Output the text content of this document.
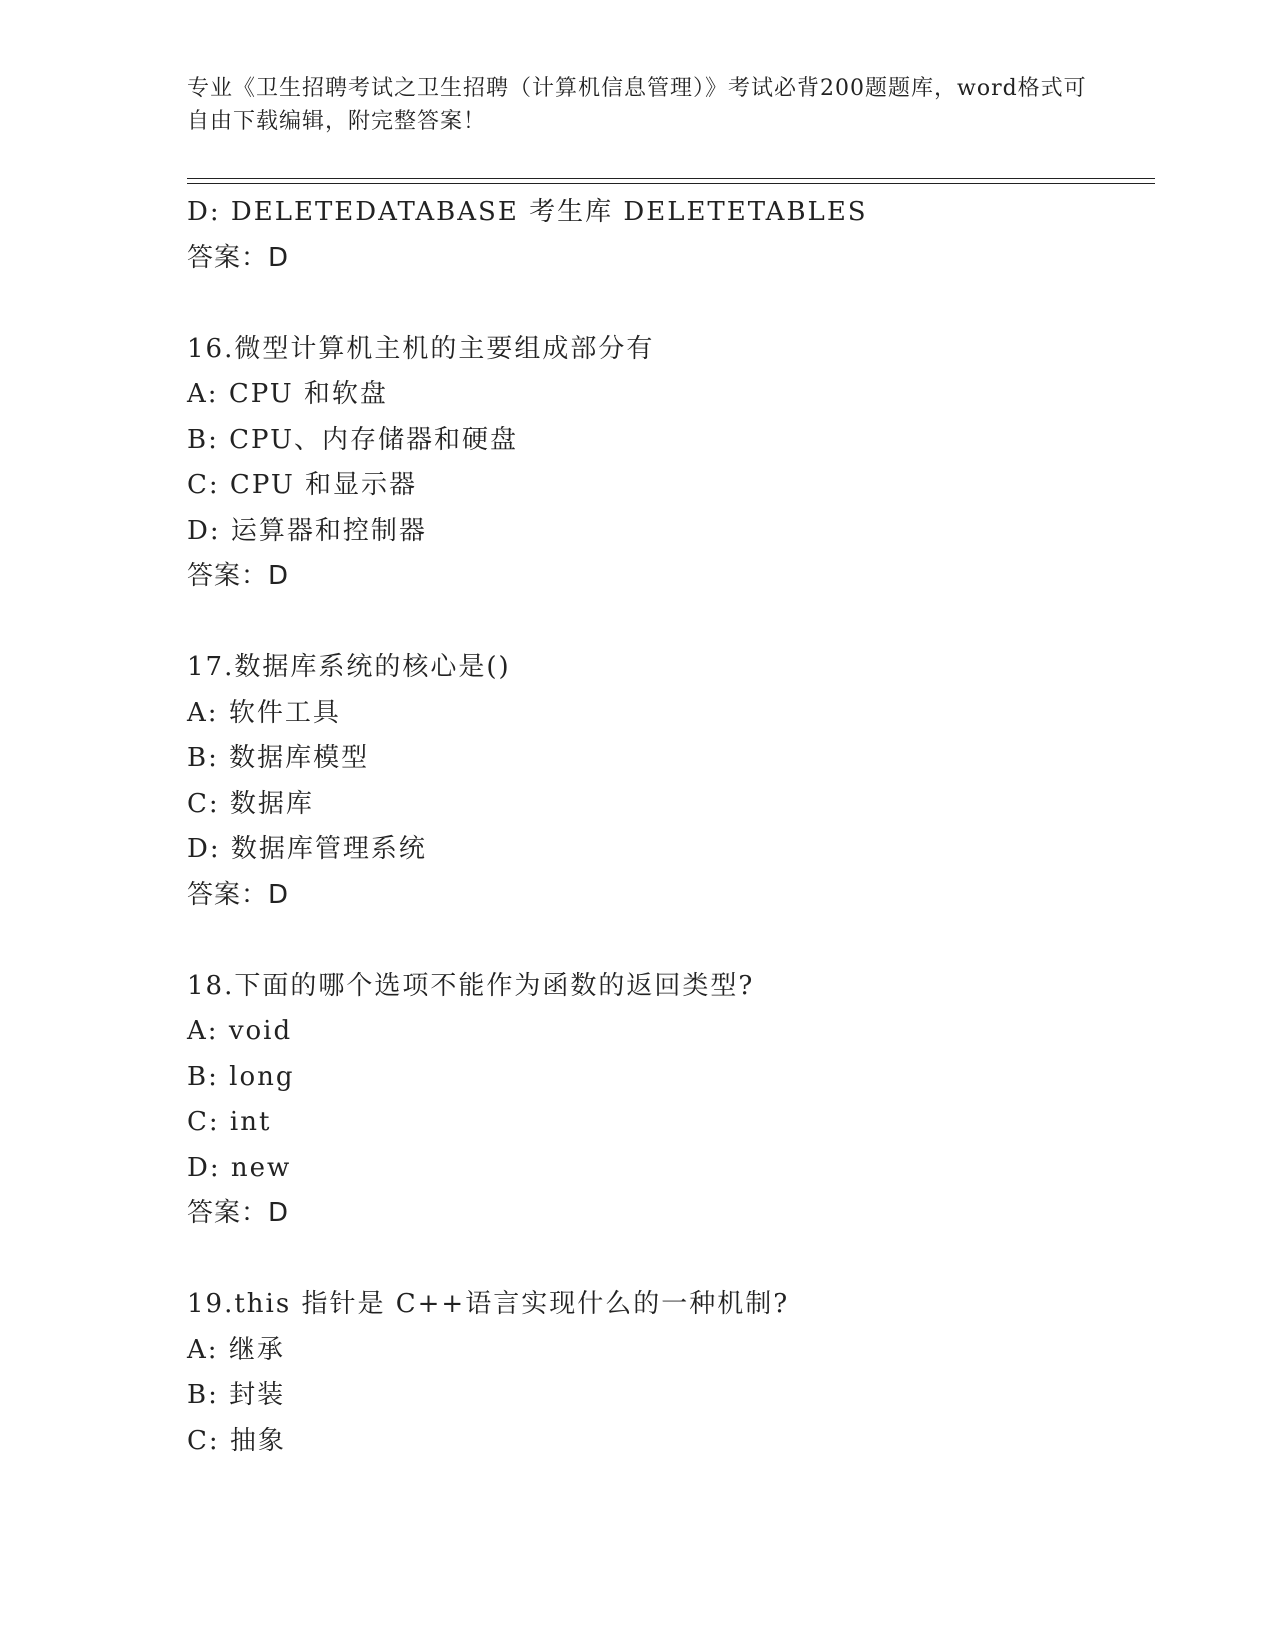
专业《卫生招聘考试之卫生招聘（计算机信息管理）》考试必背200题题库，word格式可自由下载编辑，附完整答案！
D: DELETEDATABASE 考生库 DELETETABLES
答案：D
16.微型计算机主机的主要组成部分有
A: CPU 和软盘
B: CPU、内存储器和硬盘
C: CPU 和显示器
D: 运算器和控制器
答案：D
17.数据库系统的核心是()
A: 软件工具
B: 数据库模型
C: 数据库
D: 数据库管理系统
答案：D
18.下面的哪个选项不能作为函数的返回类型?
A: void
B: long
C: int
D: new
答案：D
19.this 指针是 C++语言实现什么的一种机制?
A: 继承
B: 封装
C: 抽象
